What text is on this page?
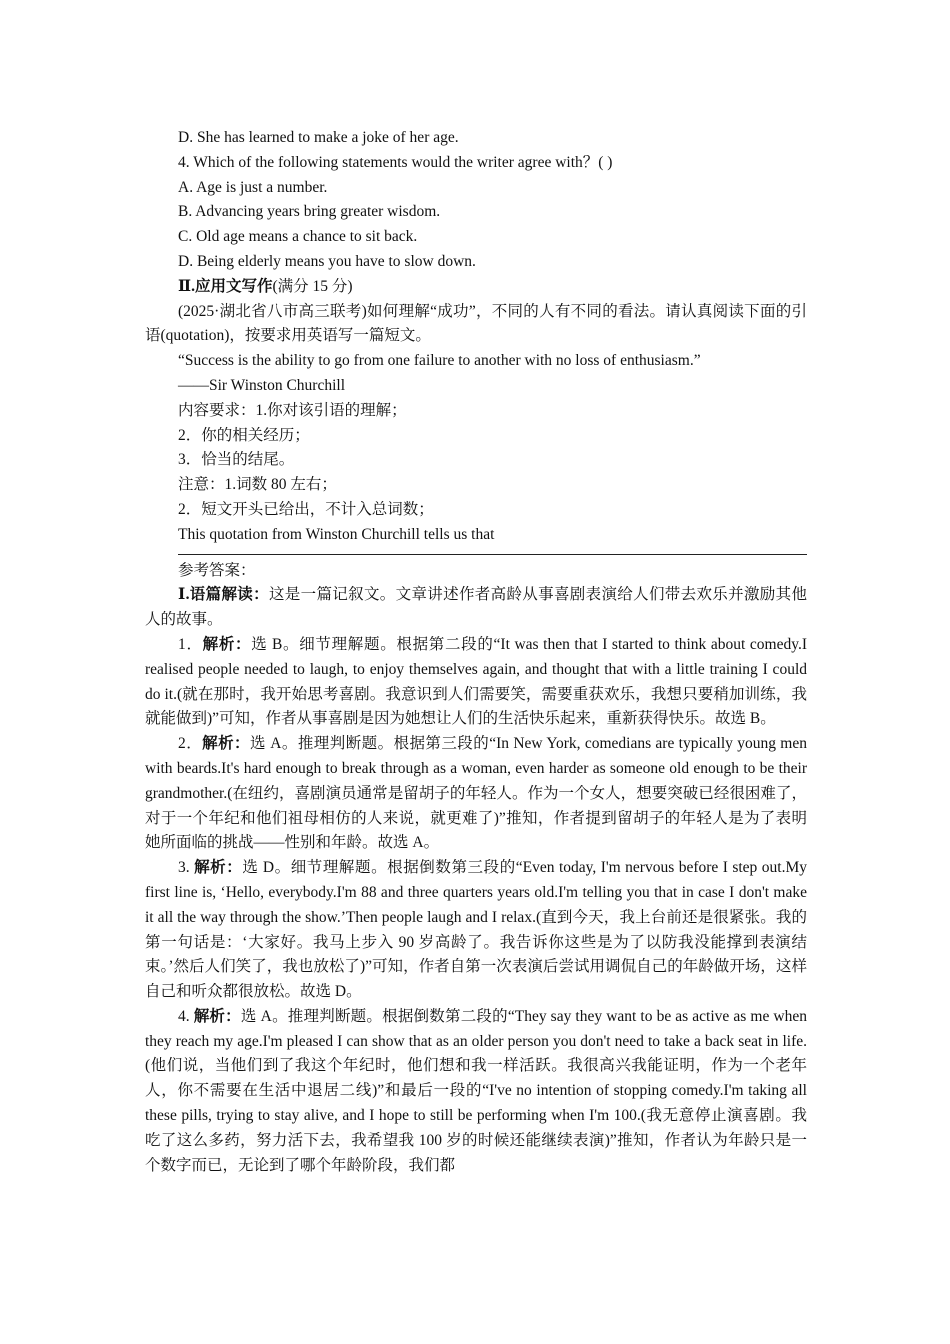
D. She has learned to make a joke of her age.

4. Which of the following statements would the writer agree with？( )

A. Age is just a number.

B. Advancing years bring greater wisdom.

C. Old age means a chance to sit back.

D. Being elderly means you have to slow down.

Ⅱ.应用文写作(满分 15 分)

(2025·湖北省八市高三联考)如何理解“成功”，不同的人有不同的看法。请认真阅读下面的引语(quotation)，按要求用英语写一篇短文。

“Success is the ability to go from one failure to another with no loss of enthusiasm.”

——Sir Winston Churchill

内容要求：1.你对该引语的理解；

2．你的相关经历；

3．恰当的结尾。

注意：1.词数 80 左右；

2．短文开头已给出，不计入总词数；

This quotation from Winston Churchill tells us that

参考答案：

Ⅰ.语篇解读：这是一篇记叙文。文章讲述作者高龄从事喜剧表演给人们带去欢乐并激励其他人的故事。

1．解析：选 B。细节理解题。根据第二段的“It was then that I started to think about comedy.I realised people needed to laugh, to enjoy themselves again, and thought that with a little training I could do it.(就在那时，我开始思考喜剧。我意识到人们需要笑，需要重获欢乐，我想只要稍加训练，我就能做到)”可知，作者从事喜剧是因为她想让人们的生活快乐起来，重新获得快乐。故选 B。

2．解析：选 A。推理判断题。根据第三段的“In New York, comedians are typically young men with beards.It's hard enough to break through as a woman, even harder as someone old enough to be their grandmother.(在纽约，喜剧演员通常是留胡子的年轻人。作为一个女人，想要突破已经很困难了，对于一个年纪和他们祖母相仿的人来说，就更难了)”推知，作者提到留胡子的年轻人是为了表明她所面临的挑战——性别和年龄。故选 A。

3. 解析：选 D。细节理解题。根据倒数第三段的“Even today, I'm nervous before I step out.My first line is, ‘Hello, everybody.I'm 88 and three quarters years old.I'm telling you that in case I don't make it all the way through the show.’Then people laugh and I relax.(直到今天，我上台前还是很紧张。我的第一句话是：‘大家好。我马上步入 90 岁高龄了。我告诉你这些是为了以防我没能撑到表演结束。’然后人们笑了，我也放松了)”可知，作者自第一次表演后尝试用调侃自己的年龄做开场，这样自己和听众都很放松。故选 D。

4. 解析：选 A。推理判断题。根据倒数第二段的“They say they want to be as active as me when they reach my age.I'm pleased I can show that as an older person you don't need to take a back seat in life.(他们说，当他们到了我这个年纪时，他们想和我一样活跃。我很高兴我能证明，作为一个老年人，你不需要在生活中退居二线)”和最后一段的“I've no intention of stopping comedy.I'm taking all these pills, trying to stay alive, and I hope to still be performing when I'm 100.(我无意停止演喜剧。我吃了这么多药，努力活下去，我希望我 100 岁的时候还能继续表演)”推知，作者认为年龄只是一个数字而已，无论到了哪个年龄阶段，我们都
